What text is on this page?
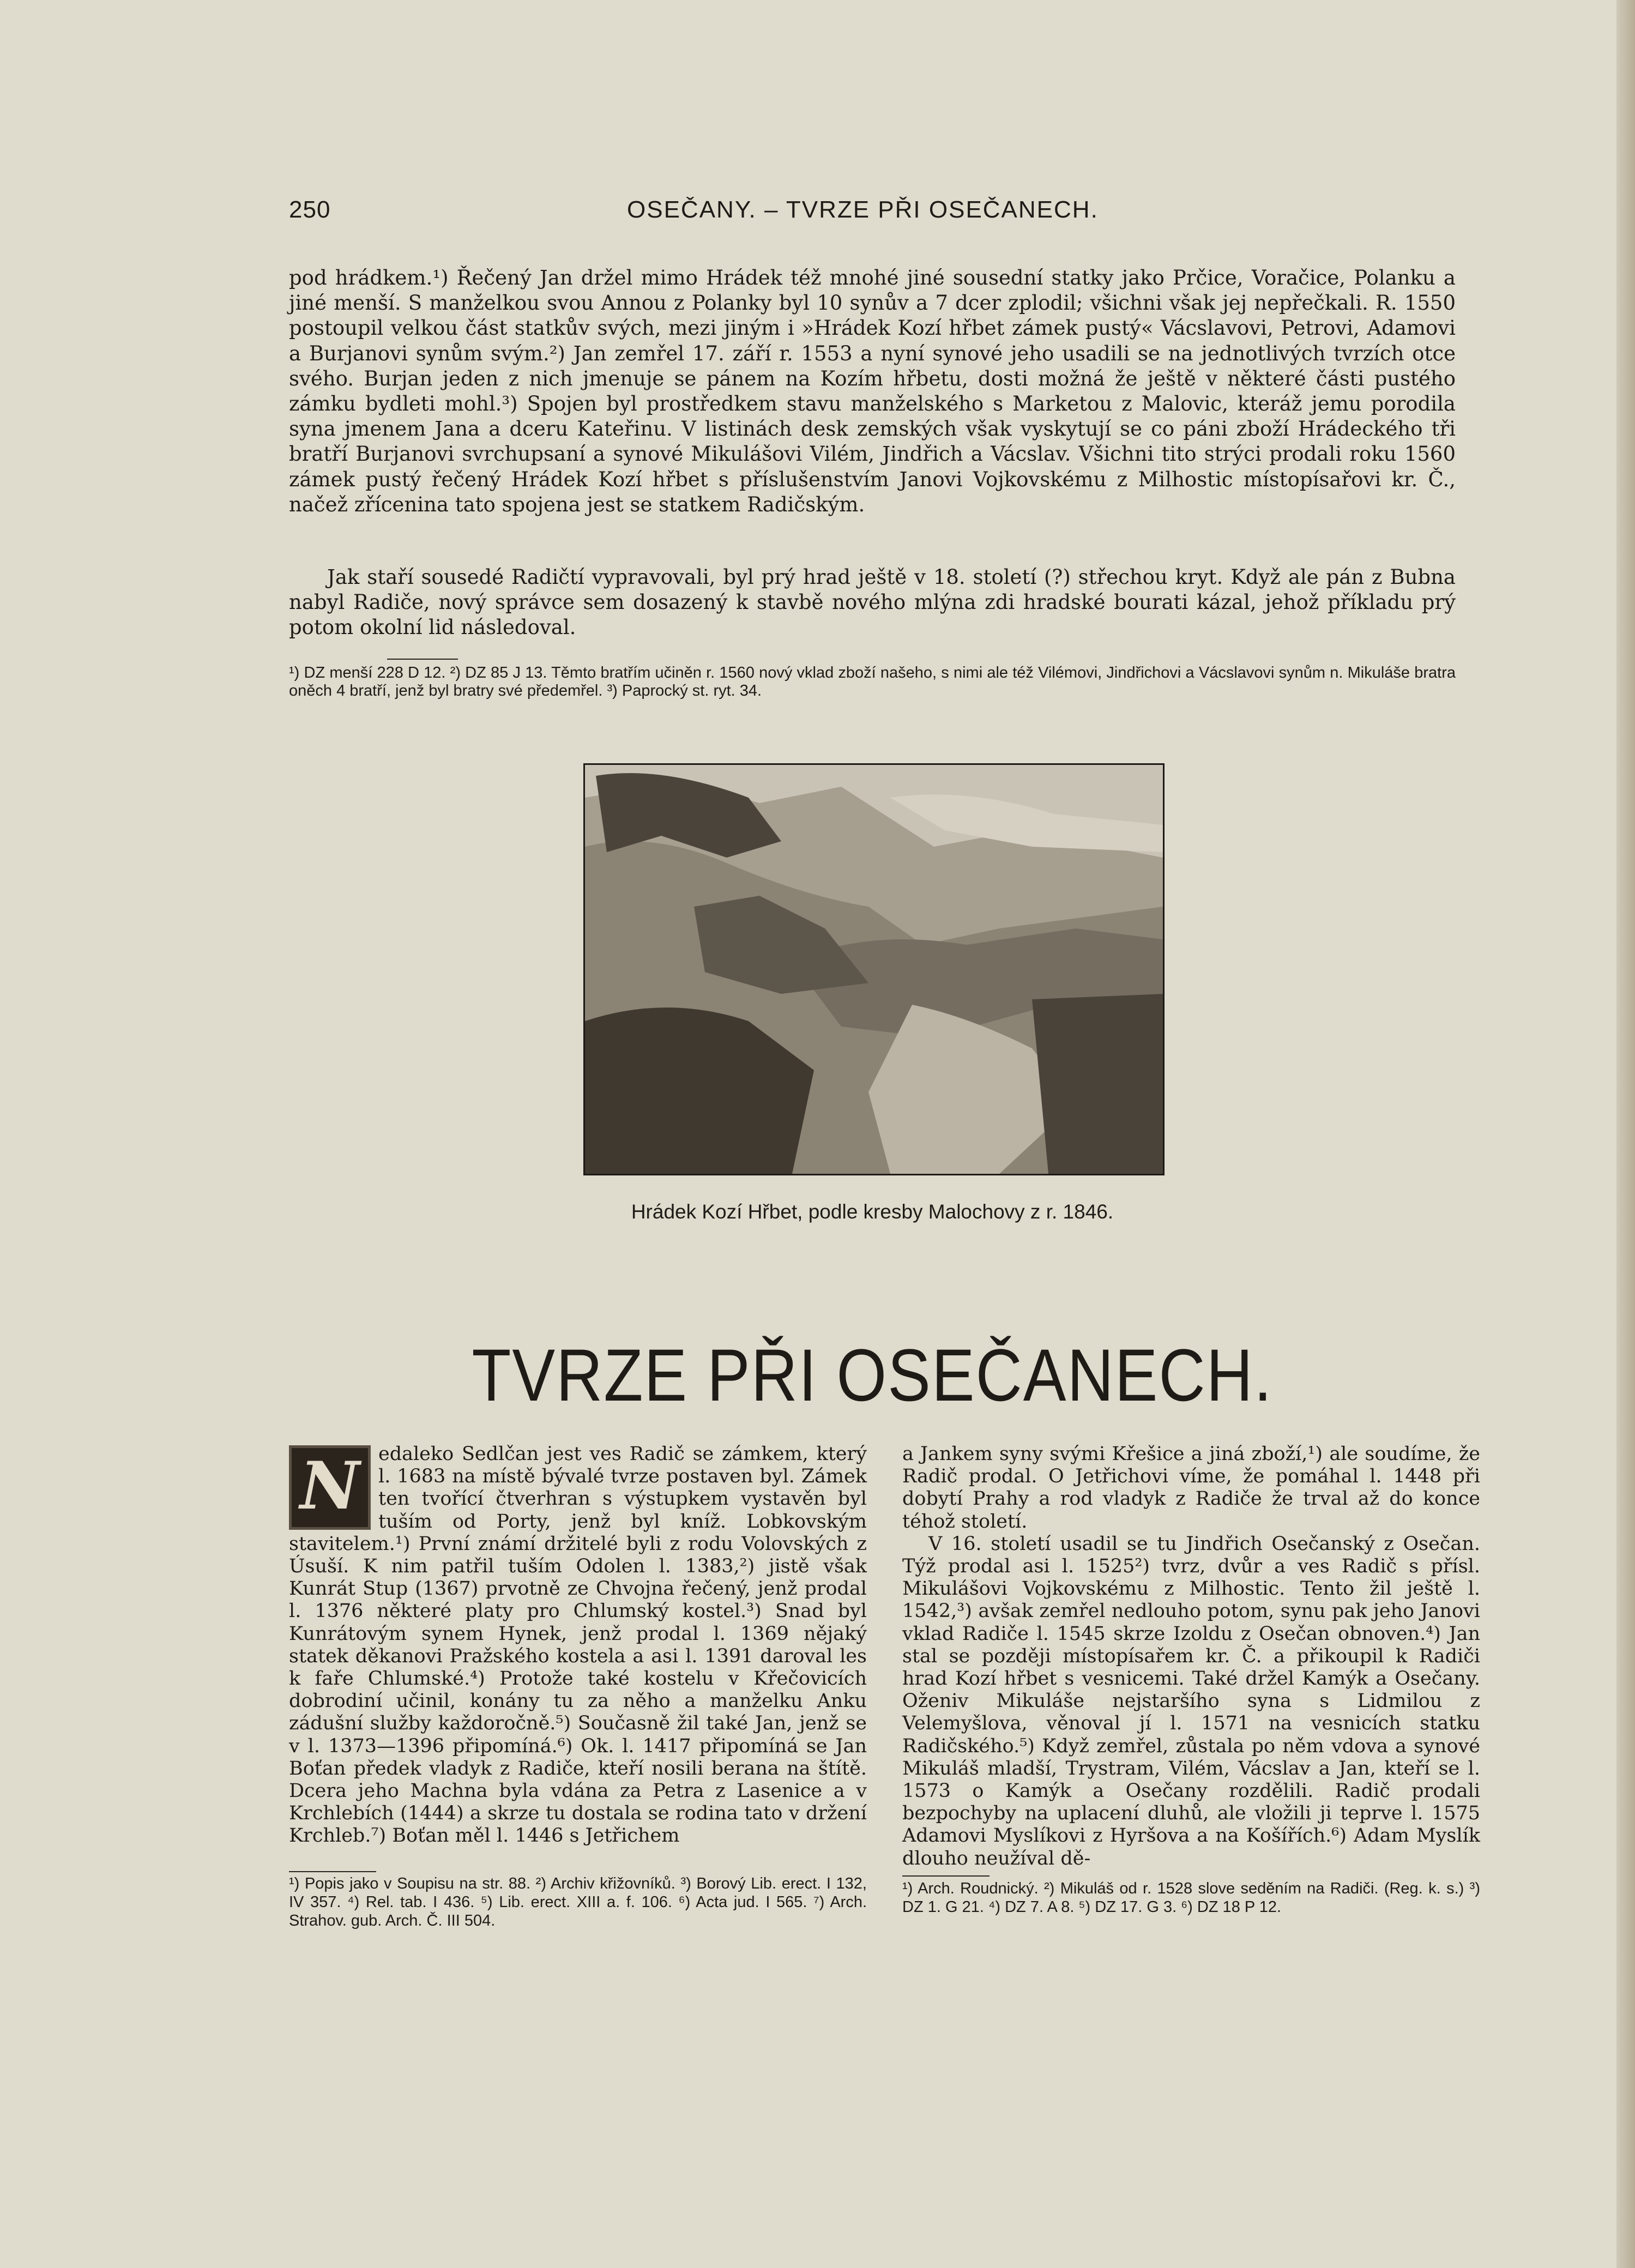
250	OSEČANY. – TVRZE PŘI OSEČANECH.
pod hrádkem.¹) Řečený Jan držel mimo Hrádek též mnohé jiné sousední statky jako Prčice, Voračice, Polanku a jiné menší. S manželkou svou Annou z Polanky byl 10 synův a 7 dcer zplodil; všichni však jej nepřečkali. R. 1550 postoupil velkou část statkův svých, mezi jiným i »Hrádek Kozí hřbet zámek pustý« Vácslavovi, Petrovi, Adamovi a Burjanovi synům svým.²) Jan zemřel 17. září r. 1553 a nyní synové jeho usadili se na jednotlivých tvrzích otce svého. Burjan jeden z nich jmenuje se pánem na Kozím hřbetu, dosti možná že ještě v některé části pustého zámku bydleti mohl.³) Spojen byl prostředkem stavu manželského s Marketou z Malovic, kteráž jemu porodila syna jmenem Jana a dceru Kateřinu. V listinách desk zemských však vyskytují se co páni zboží Hrádeckého tři bratří Burjanovi svrchupsaní a synové Mikulášovi Vilém, Jindřich a Vácslav. Všichni tito strýci prodali roku 1560 zámek pustý řečený Hrádek Kozí hřbet s příslušenstvím Janovi Vojkovskému z Milhostic místopísařovi kr. Č., načež zřícenina tato spojena jest se statkem Radičským.
Jak staří sousedé Radičtí vypravovali, byl prý hrad ještě v 18. století (?) střechou kryt. Když ale pán z Bubna nabyl Radiče, nový správce sem dosazený k stavbě nového mlýna zdi hradské bourati kázal, jehož příkladu prý potom okolní lid následoval.
¹) DZ menší 228 D 12. ²) DZ 85 J 13. Těmto bratřím učiněn r. 1560 nový vklad zboží našeho, s nimi ale též Vilémovi, Jindřichovi a Vácslavovi synům n. Mikuláše bratra oněch 4 bratří, jenž byl bratry své předemřel. ³) Paprocký st. ryt. 34.
Hrádek Kozí Hřbet, podle kresby Malochovy z r. 1846.
TVRZE PŘI OSEČANECH.
N edaleko Sedlčan jest ves Radič se zámkem, který l. 1683 na místě bývalé tvrze postaven byl. Zámek ten tvořící čtverhran s výstupkem vystavěn byl tuším od Porty, jenž byl kníž. Lobkovským stavitelem.¹) První známí držitelé byli z rodu Volovských z Úsuší. K nim patřil tuším Odolen l. 1383,²) jistě však Kunrát Stup (1367) prvotně ze Chvojna řečený, jenž prodal l. 1376 některé platy pro Chlumský kostel.³) Snad byl Kunrátovým synem Hynek, jenž prodal l. 1369 nějaký statek děkanovi Pražského kostela a asi l. 1391 daroval les k faře Chlumské.⁴) Protože také kostelu v Křečovicích dobrodiní učinil, konány tu za něho a manželku Anku zádušní služby každoročně.⁵) Současně žil také Jan, jenž se v l. 1373—1396 připomíná.⁶) Ok. l. 1417 připomíná se Jan Boťan předek vladyk z Radiče, kteří nosili berana na štítě. Dcera jeho Machna byla vdána za Petra z Lasenice a v Krchlebích (1444) a skrze tu dostala se rodina tato v držení Krchleb.⁷) Boťan měl l. 1446 s Jetřichem
a Jankem syny svými Křešice a jiná zboží,¹) ale soudíme, že Radič prodal. O Jetřichovi víme, že pomáhal l. 1448 při dobytí Prahy a rod vladyk z Radiče že trval až do konce téhož století.
V 16. století usadil se tu Jindřich Osečanský z Osečan. Týž prodal asi l. 1525²) tvrz, dvůr a ves Radič s přísl. Mikulášovi Vojkovskému z Milhostic. Tento žil ještě l. 1542,³) avšak zemřel nedlouho potom, synu pak jeho Janovi vklad Radiče l. 1545 skrze Izoldu z Osečan obnoven.⁴) Jan stal se později místopísařem kr. Č. a přikoupil k Radiči hrad Kozí hřbet s vesnicemi. Také držel Kamýk a Osečany. Oženiv Mikuláše nejstaršího syna s Lidmilou z Velemyšlova, věnoval jí l. 1571 na vesnicích statku Radičského.⁵) Když zemřel, zůstala po něm vdova a synové Mikuláš mladší, Trystram, Vilém, Vácslav a Jan, kteří se l. 1573 o Kamýk a Osečany rozdělili. Radič prodali bezpochyby na uplacení dluhů, ale vložili ji teprve l. 1575 Adamovi Myslíkovi z Hyršova a na Košířích.⁶) Adam Myslík dlouho neužíval dě-
¹) Popis jako v Soupisu na str. 88. ²) Archiv křižovníků. ³) Borový Lib. erect. I 132, IV 357. ⁴) Rel. tab. I 436. ⁵) Lib. erect. XIII a. f. 106. ⁶) Acta jud. I 565. ⁷) Arch. Strahov. gub. Arch. Č. III 504.
¹) Arch. Roudnický. ²) Mikuláš od r. 1528 slove seděním na Radiči. (Reg. k. s.) ³) DZ 1. G 21. ⁴) DZ 7. A 8. ⁵) DZ 17. G 3. ⁶) DZ 18 P 12.
